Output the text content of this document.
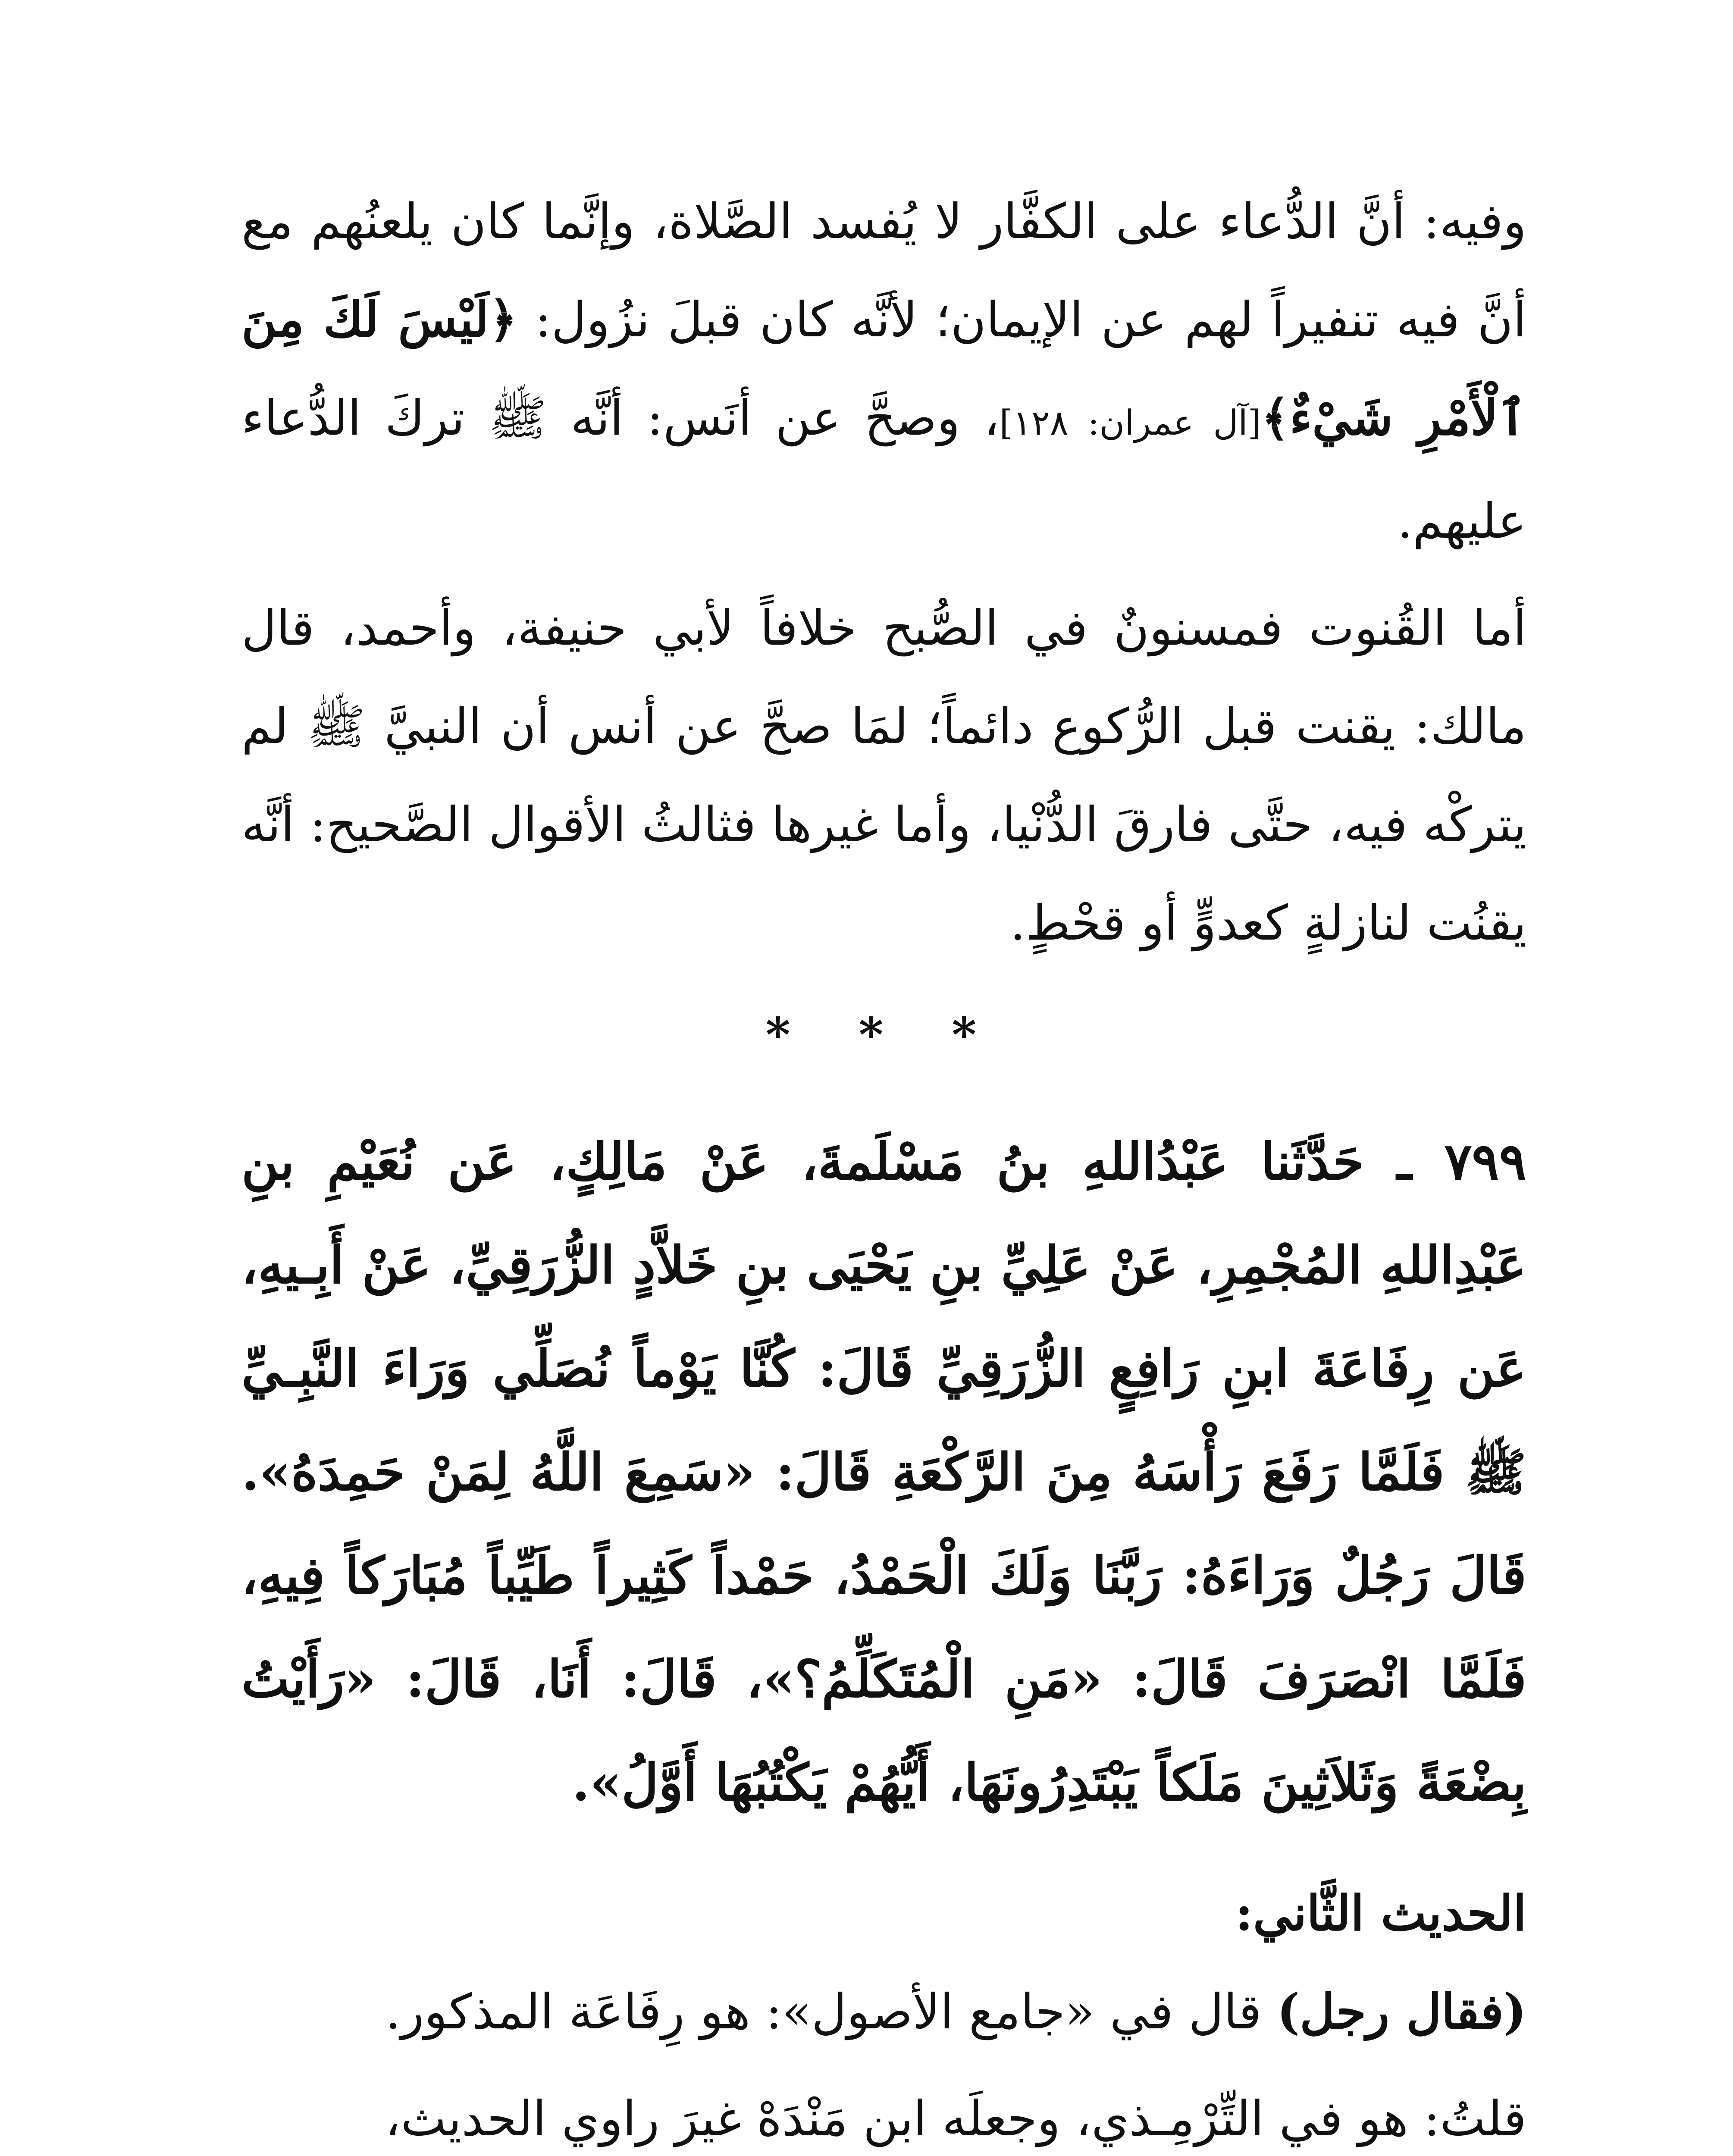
وفيه: أنَّ الدُّعاء على الكفَّار لا يُفسد الصَّلاة، وإنَّما كان يلعنُهم مع أنَّ فيه تنفيراً لهم عن الإيمان؛ لأنَّه كان قبلَ نزُول: ﴿لَيْسَ لَكَ مِنَ ٱلْأَمْرِ شَيْءٌ﴾[آل عمران: ١٢٨]، وصحَّ عن أنَس: أنَّه ﷺ تركَ الدُّعاء عليهم.

أما القُنوت فمسنونٌ في الصُّبح خلافاً لأبي حنيفة، وأحمد، قال مالك: يقنت قبل الرُّكوع دائماً؛ لمَا صحَّ عن أنس أن النبيَّ ﷺ لم يتركْه فيه، حتَّى فارقَ الدُّنْيا، وأما غيرها فثالثُ الأقوال الصَّحيح: أنَّه يقنُت لنازلةٍ كعدوٍّ أو قحْطٍ.

* * *

٧٩٩ ـ حَدَّثَنا عَبْدُاللهِ بنُ مَسْلَمةَ، عَنْ مَالِكٍ، عَن نُعَيْمِ بنِ عَبْدِاللهِ المُجْمِرِ، عَنْ عَلِيِّ بنِ يَحْيَى بنِ خَلاَّدٍ الزُّرَقِيِّ، عَنْ أَبِـيهِ، عَن رِفَاعَةَ ابنِ رَافِعٍ الزُّرَقِيِّ قَالَ: كُنَّا يَوْماً نُصَلِّي وَرَاءَ النَّبِـيِّ ﷺ فَلَمَّا رَفَعَ رَأْسَهُ مِنَ الرَّكْعَةِ قَالَ: «سَمِعَ اللَّهُ لِمَنْ حَمِدَهُ». قَالَ رَجُلٌ وَرَاءَهُ: رَبَّنَا وَلَكَ الْحَمْدُ، حَمْداً كَثِيراً طَيِّباً مُبَارَكاً فِيهِ، فَلَمَّا انْصَرَفَ قَالَ: «مَنِ الْمُتَكَلِّمُ؟»، قَالَ: أَنَا، قَالَ: «رَأَيْتُ بِضْعَةً وَثَلاَثِينَ مَلَكاً يَبْتَدِرُونَهَا، أَيُّهُمْ يَكْتُبُهَا أَوَّلُ».

الحديث الثَّاني:

(فقال رجل) قال في «جامع الأصول»: هو رِفَاعَة المذكور.

قلتُ: هو في التِّرْمِـذي، وجعلَه ابن مَنْدَهْ غيرَ راوي الحديث،
